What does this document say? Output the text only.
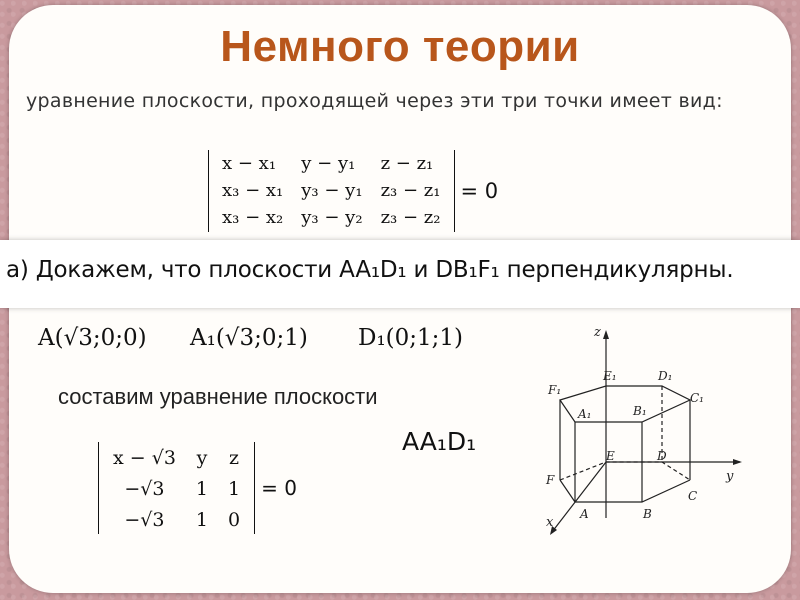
Немного теории
уравнение плоскости, проходящей через эти три точки имеет вид:
x − x₁	y − y₁	z − z₁
x₃ − x₁	y₃ − y₁	z₃ − z₁
x₃ − x₂	y₃ − y₂	z₃ − z₂
= 0
а) Докажем, что плоскости AA₁D₁ и DB₁F₁ перпендикулярны.
A(√3;0;0) A₁(√3;0;1) D₁(0;1;1)
составим уравнение плоскости
x − √3	y	z
−√3	1	1
−√3	1	0
= 0
AA₁D₁
z
y
x
E₁	D₁
F₁
C₁
A₁	B₁
E	D
F
C
A	B
